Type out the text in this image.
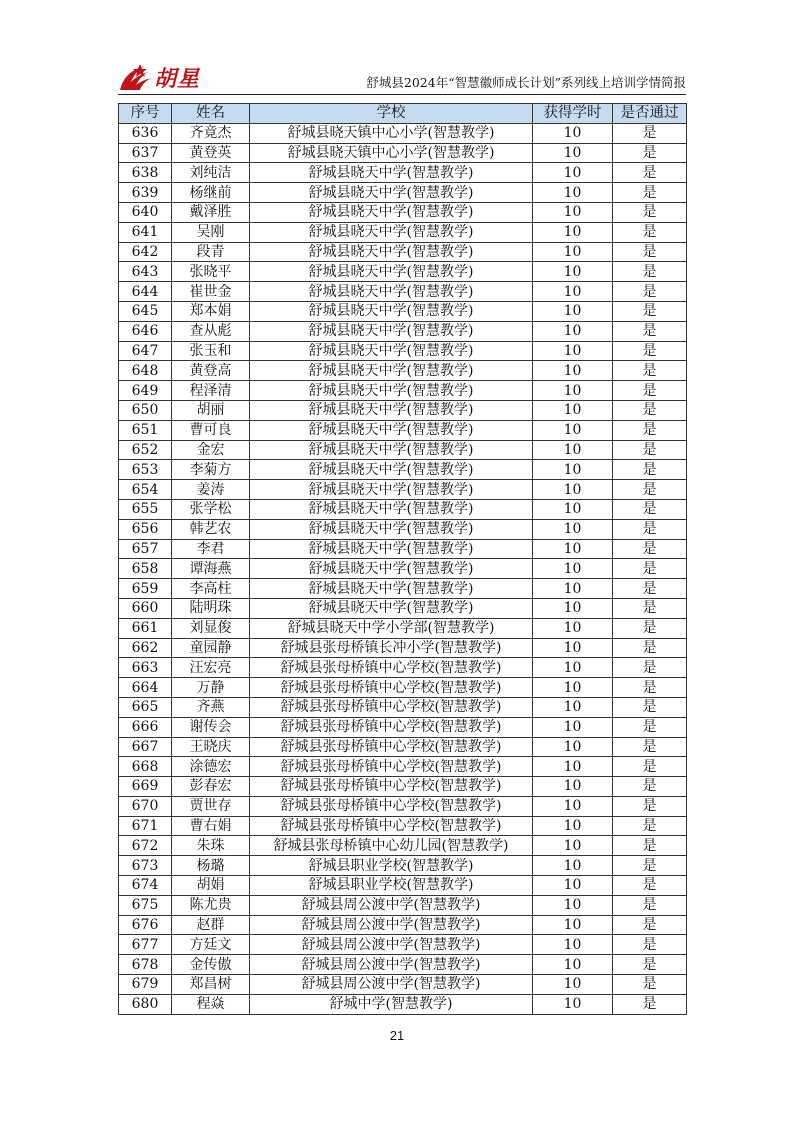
胡星	舒城县2024年“智慧徽师成长计划”系列线上培训学情简报
序号	姓名	学校	获得学时	是否通过
636	齐竟杰	舒城县晓天镇中心小学(智慧教学)	10	是
637	黄登英	舒城县晓天镇中心小学(智慧教学)	10	是
638	刘纯洁	舒城县晓天中学(智慧教学)	10	是
639	杨继前	舒城县晓天中学(智慧教学)	10	是
640	戴泽胜	舒城县晓天中学(智慧教学)	10	是
641	吴刚	舒城县晓天中学(智慧教学)	10	是
642	段青	舒城县晓天中学(智慧教学)	10	是
643	张晓平	舒城县晓天中学(智慧教学)	10	是
644	崔世金	舒城县晓天中学(智慧教学)	10	是
645	郑本娟	舒城县晓天中学(智慧教学)	10	是
646	查从彪	舒城县晓天中学(智慧教学)	10	是
647	张玉和	舒城县晓天中学(智慧教学)	10	是
648	黄登高	舒城县晓天中学(智慧教学)	10	是
649	程泽清	舒城县晓天中学(智慧教学)	10	是
650	胡丽	舒城县晓天中学(智慧教学)	10	是
651	曹可良	舒城县晓天中学(智慧教学)	10	是
652	金宏	舒城县晓天中学(智慧教学)	10	是
653	李菊方	舒城县晓天中学(智慧教学)	10	是
654	姜涛	舒城县晓天中学(智慧教学)	10	是
655	张学松	舒城县晓天中学(智慧教学)	10	是
656	韩艺农	舒城县晓天中学(智慧教学)	10	是
657	李君	舒城县晓天中学(智慧教学)	10	是
658	谭海燕	舒城县晓天中学(智慧教学)	10	是
659	李高柱	舒城县晓天中学(智慧教学)	10	是
660	陆明珠	舒城县晓天中学(智慧教学)	10	是
661	刘显俊	舒城县晓天中学小学部(智慧教学)	10	是
662	童园静	舒城县张母桥镇长冲小学(智慧教学)	10	是
663	汪宏亮	舒城县张母桥镇中心学校(智慧教学)	10	是
664	万静	舒城县张母桥镇中心学校(智慧教学)	10	是
665	齐燕	舒城县张母桥镇中心学校(智慧教学)	10	是
666	谢传会	舒城县张母桥镇中心学校(智慧教学)	10	是
667	王晓庆	舒城县张母桥镇中心学校(智慧教学)	10	是
668	涂德宏	舒城县张母桥镇中心学校(智慧教学)	10	是
669	彭春宏	舒城县张母桥镇中心学校(智慧教学)	10	是
670	贾世存	舒城县张母桥镇中心学校(智慧教学)	10	是
671	曹右娟	舒城县张母桥镇中心学校(智慧教学)	10	是
672	朱珠	舒城县张母桥镇中心幼儿园(智慧教学)	10	是
673	杨璐	舒城县职业学校(智慧教学)	10	是
674	胡娟	舒城县职业学校(智慧教学)	10	是
675	陈尤贵	舒城县周公渡中学(智慧教学)	10	是
676	赵群	舒城县周公渡中学(智慧教学)	10	是
677	方廷文	舒城县周公渡中学(智慧教学)	10	是
678	金传傲	舒城县周公渡中学(智慧教学)	10	是
679	郑昌树	舒城县周公渡中学(智慧教学)	10	是
680	程焱	舒城中学(智慧教学)	10	是
21
